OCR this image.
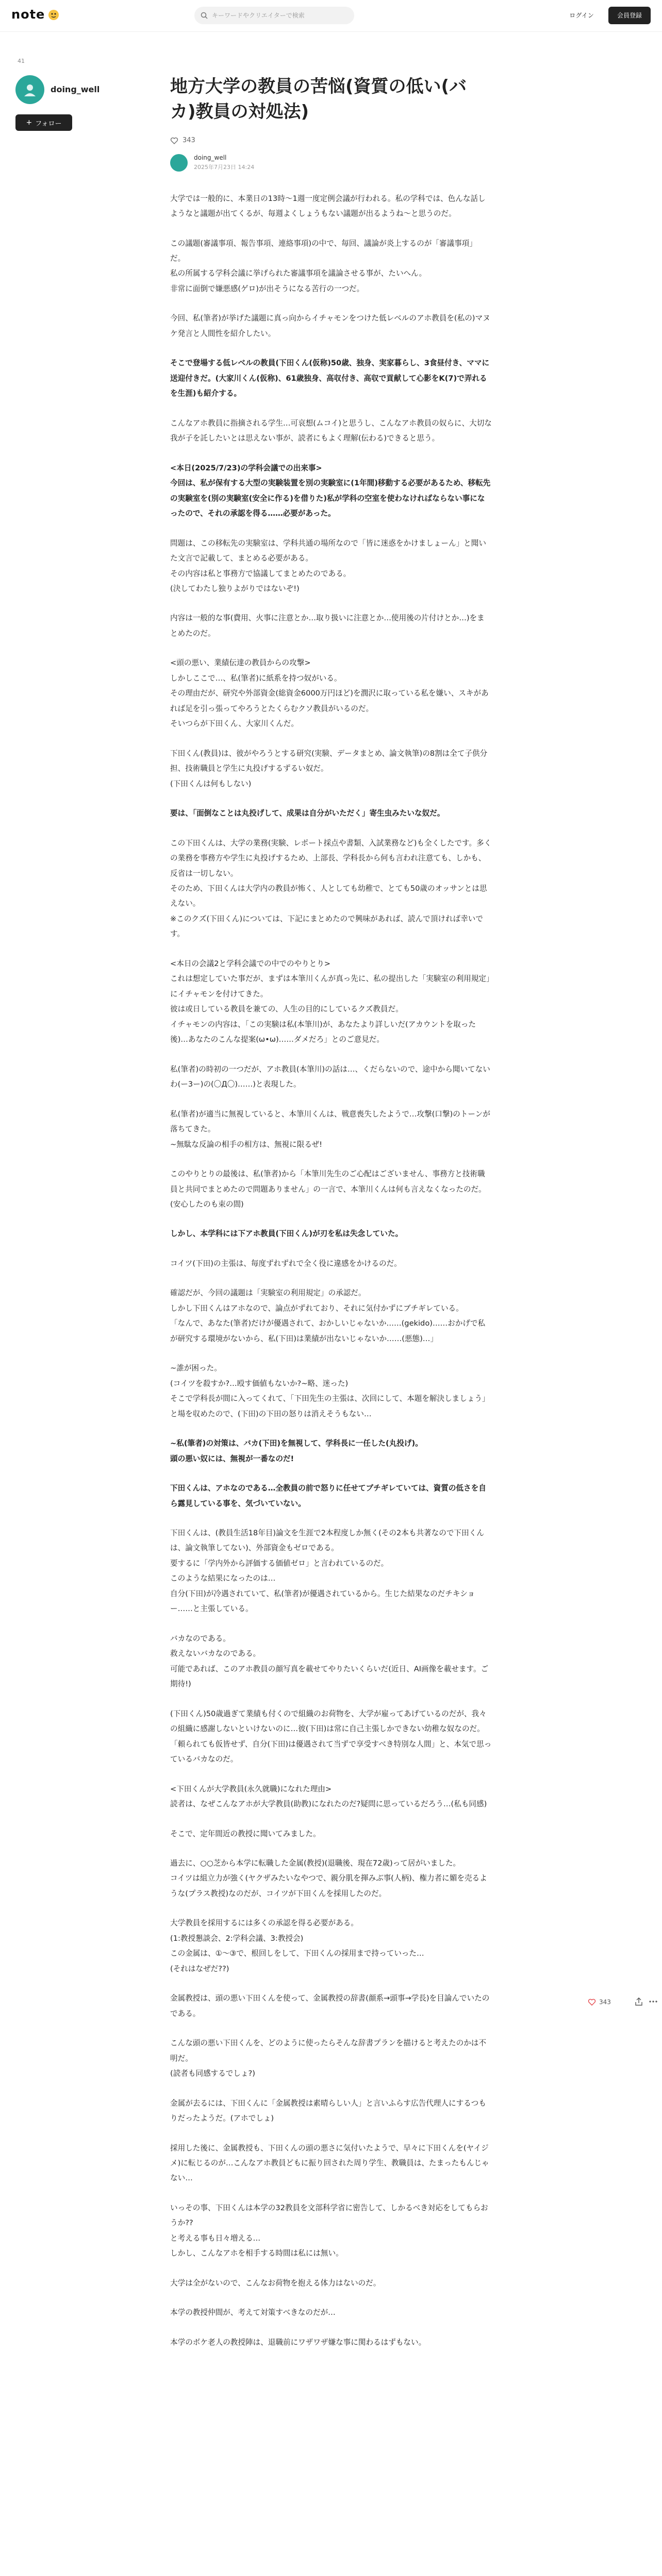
note
キーワードやクリエイターで検索	ログイン	会員登録
41
doing_well
+ フォロー
地方大学の教員の苦悩(資質の低い(バカ)教員の対処法)
343
doing_well
2025年7月23日 14:24

大学では一般的に、本業日の13時〜1週一度定例会議が行われる。私の学科では、色んな話しようなと議題が出てくるが、毎週よくしょうもない議題が出るようね〜と思うのだ。

この議題(審議事項、報告事項、連絡事項)の中で、毎回、議論が炎上するのが「審議事項」だ。
私の所属する学科会議に挙げられた審議事項を議論させる事が、たいへん。
非常に面倒で嫌悪感(ゲロ)が出そうになる苦行の一つだ。

今回、私(筆者)が挙げた議題に真っ向からイチャモンをつけた低レベルのアホ教員を(私の)マヌケ発言と人間性を紹介したい。

そこで登場する低レベルの教員(下田くん(仮称)50歳、独身、実家暮らし、3食昼付き、ママに送迎付きだ。(大家川くん(仮称)、61歳独身、高収付き、高収で貢献して心影をK(7)で弄れるを生涯)も紹介する。

こんなアホ教員に指摘される学生…可哀想(ムコイ)と思うし、こんなアホ教員の奴らに、大切な我が子を託したいとは思えない事が、読者にもよく理解(伝わる)できると思う。

<本日(2025/7/23)の学科会議での出来事>
今回は、私が保有する大型の実験装置を別の実験室に(1年間)移動する必要があるため、移転先の実験室を(別の実験室(安全に作る)を借りた)私が学科の空室を使わなければならない事になったので、それの承認を得る……必要があった。

問題は、この移転先の実験室は、学科共通の場所なので「皆に迷惑をかけましょーん」と聞いた文言で記載して、まとめる必要がある。
その内容は私と事務方で協議してまとめたのである。
(決してわたし独りよがりではないぞ!)

内容は一般的な事(費用、火事に注意とか…取り扱いに注意とか…使用後の片付けとか…)をまとめたのだ。

<頭の悪い、業績伝達の教員からの攻撃>
しかしここで…、私(筆者)に紙系を持つ奴がいる。
その理由だが、研究や外部資金(総資金6000万円ほど)を潤沢に取っている私を嫌い、スキがあれば足を引っ張ってやろうとたくらむクソ教員がいるのだ。
そいつらが下田くん、大家川くんだ。

下田くん(教員)は、彼がやろうとする研究(実験、データまとめ、論文執筆)の8割は全て子供分担、技術職員と学生に丸投げするずるい奴だ。
(下田くんは何もしない)

要は、「面倒なことは丸投げして、成果は自分がいただく」寄生虫みたいな奴だ。

この下田くんは、大学の業務(実験、レポート採点や書類、入試業務など)も全くしたです。多くの業務を事務方や学生に丸投げするため、上部長、学科長から何も言われ注意ても、しかも、反省は一切しない。
そのため、下田くんは大学内の教員が怖く、人としても幼稚で、とても50歳のオッサンとは思えない。
※このクズ(下田くん)については、下記にまとめたので興味があれば、読んで頂ければ幸いです。

<本日の会議2と学科会議での中でのやりとり>
これは想定していた事だが、まずは本筆川くんが真っ先に、私の提出した「実験室の利用規定」にイチャモンを付けてきた。
彼は或日している教員を兼ての、人生の目的にしているクズ教員だ。
イチャモンの内容は、「この実験は私(本筆川)が、あなたより詳しいだ(アカウントを取った後)…あなたのこんな提案(ω•ω)……ダメだろ」とのご意見だ。

私(筆者)の時初の一つだが、アホ教員(本筆川)の話は…、くだらないので、途中から聞いてないわ(ー3ー)の(〇Д〇)……)と表現した。

私(筆者)が適当に無視していると、本筆川くんは、戦意喪失したようで…攻撃(口撃)のトーンが落ちてきた。
~無駄な反論の相手の相方は、無視に限るぜ!

このやりとりの最後は、私(筆者)から「本筆川先生のご心配はございません、事務方と技術職員と共同でまとめたので問題ありません」の一言で、本筆川くんは何も言えなくなったのだ。(安心したのも束の間)

しかし、本学科には下アホ教員(下田くん)が刃を私は失念していた。

コイツ(下田)の主張は、毎度ずれずれで全く役に違感をかけるのだ。

確認だが、今回の議題は「実験室の利用規定」の承認だ。
しかし下田くんはアホなので、論点がずれており、それに気付かずにブチギレている。
「なんで、あなた(筆者)だけが優遇されて、おかしいじゃないか……(gekido)……おかげで私が研究する環境がないから、私(下田)は業績が出ないじゃないか……(悪態)…」

~誰が困った。
(コイツを殺すか?…殴す価値もないか?~略、迷った)
そこで学科長が間に入ってくれて、「下田先生の主張は、次回にして、本題を解決しましょう」と場を収めたので、(下田)の下田の怒りは消えそうもない…

~私(筆者)の対策は、バカ(下田)を無視して、学科長に一任した(丸投げ)。
頭の悪い奴には、無視が一番なのだ!

下田くんは、アホなのである…全教員の前で怒りに任せてブチギレていては、資質の低さを自ら露見している事を、気づいていない。

下田くんは、(教員生活18年目)論文を生涯で2本程度しか無く(その2本も共著なので下田くんは、論文執筆してない)、外部資金もゼロである。
要するに「学内外から評価する価値ゼロ」と言われているのだ。
このような結果になったのは…
自分(下田)が冷遇されていて、私(筆者)が優遇されているから。生じた結果なのだチキショー……と主張している。

バカなのである。
救えないバカなのである。
可能であれば、このアホ教員の顔写真を載せてやりたいくらいだ(近日、AI画像を載せます。ご期待!)

(下田くん)50歳過ぎて業績も付くので組織のお荷物を、大学が雇ってあげているのだが、我々の組織に感謝しないといけないのに…彼(下田)は常に自己主張しかできない幼稚な奴なのだ。
「頼られても仮皆せず、自分(下田)は優遇されて当ずで享受すべき特別な人間」と、本気で思っているバカなのだ。

<下田くんが大学教員(永久就職)になれた理由>
読者は、なぜこんなアホが大学教員(助教)になれたのだ?疑問に思っているだろう…(私も同感)

そこで、定年間近の教授に聞いてみました。

過去に、○○芝から本学に転職した金属(教授)(退職後、現在72歳)って居がいました。
コイツは組立力が強く(ヤクザみたいなやつで、親分肌を揮みぶ事(人柄)、権力者に媚を売るような(プラス教授)なのだが、コイツが下田くんを採用したのだ。

大学教員を採用するには多くの承認を得る必要がある。
(1:教授懇談会、2:学科会議、3:教授会)
この金属は、①〜③で、根回しをして、下田くんの採用まで持っていった…
(それはなぜだ??)

金属教授は、頭の悪い下田くんを使って、金属教授の辞書(顔系→頭事→学長)を目論んでいたのである。

こんな頭の悪い下田くんを、どのように使ったらそんな辞書プランを描けると考えたのかは不明だ。
(読者も同感するでしょ?)

金属が去るには、下田くんに「金属教授は素晴らしい人」と言いふらす広告代理人にするつもりだったようだ。(アホでしょ)

採用した後に、金属教授も、下田くんの頭の悪さに気付いたようで、早々に下田くんを(ヤイジメ)に転じるのが…こんなアホ教員どもに振り回された周り学生、教職員は、たまったもんじゃない…

いっその事、下田くんは本学の32教員を文部科学省に密告して、しかるべき対応をしてもらおうか??
と考える事も日々増える…
しかし、こんなアホを相手する時間は私には無い。

大学は全がないので、こんなお荷物を抱える体力はないのだ。

本学の教授仲間が、考えて対策すべきなのだが…

本学のボケ老人の教授陣は、退職前にワザワザ嫌な事に関わるはずもない。

343
